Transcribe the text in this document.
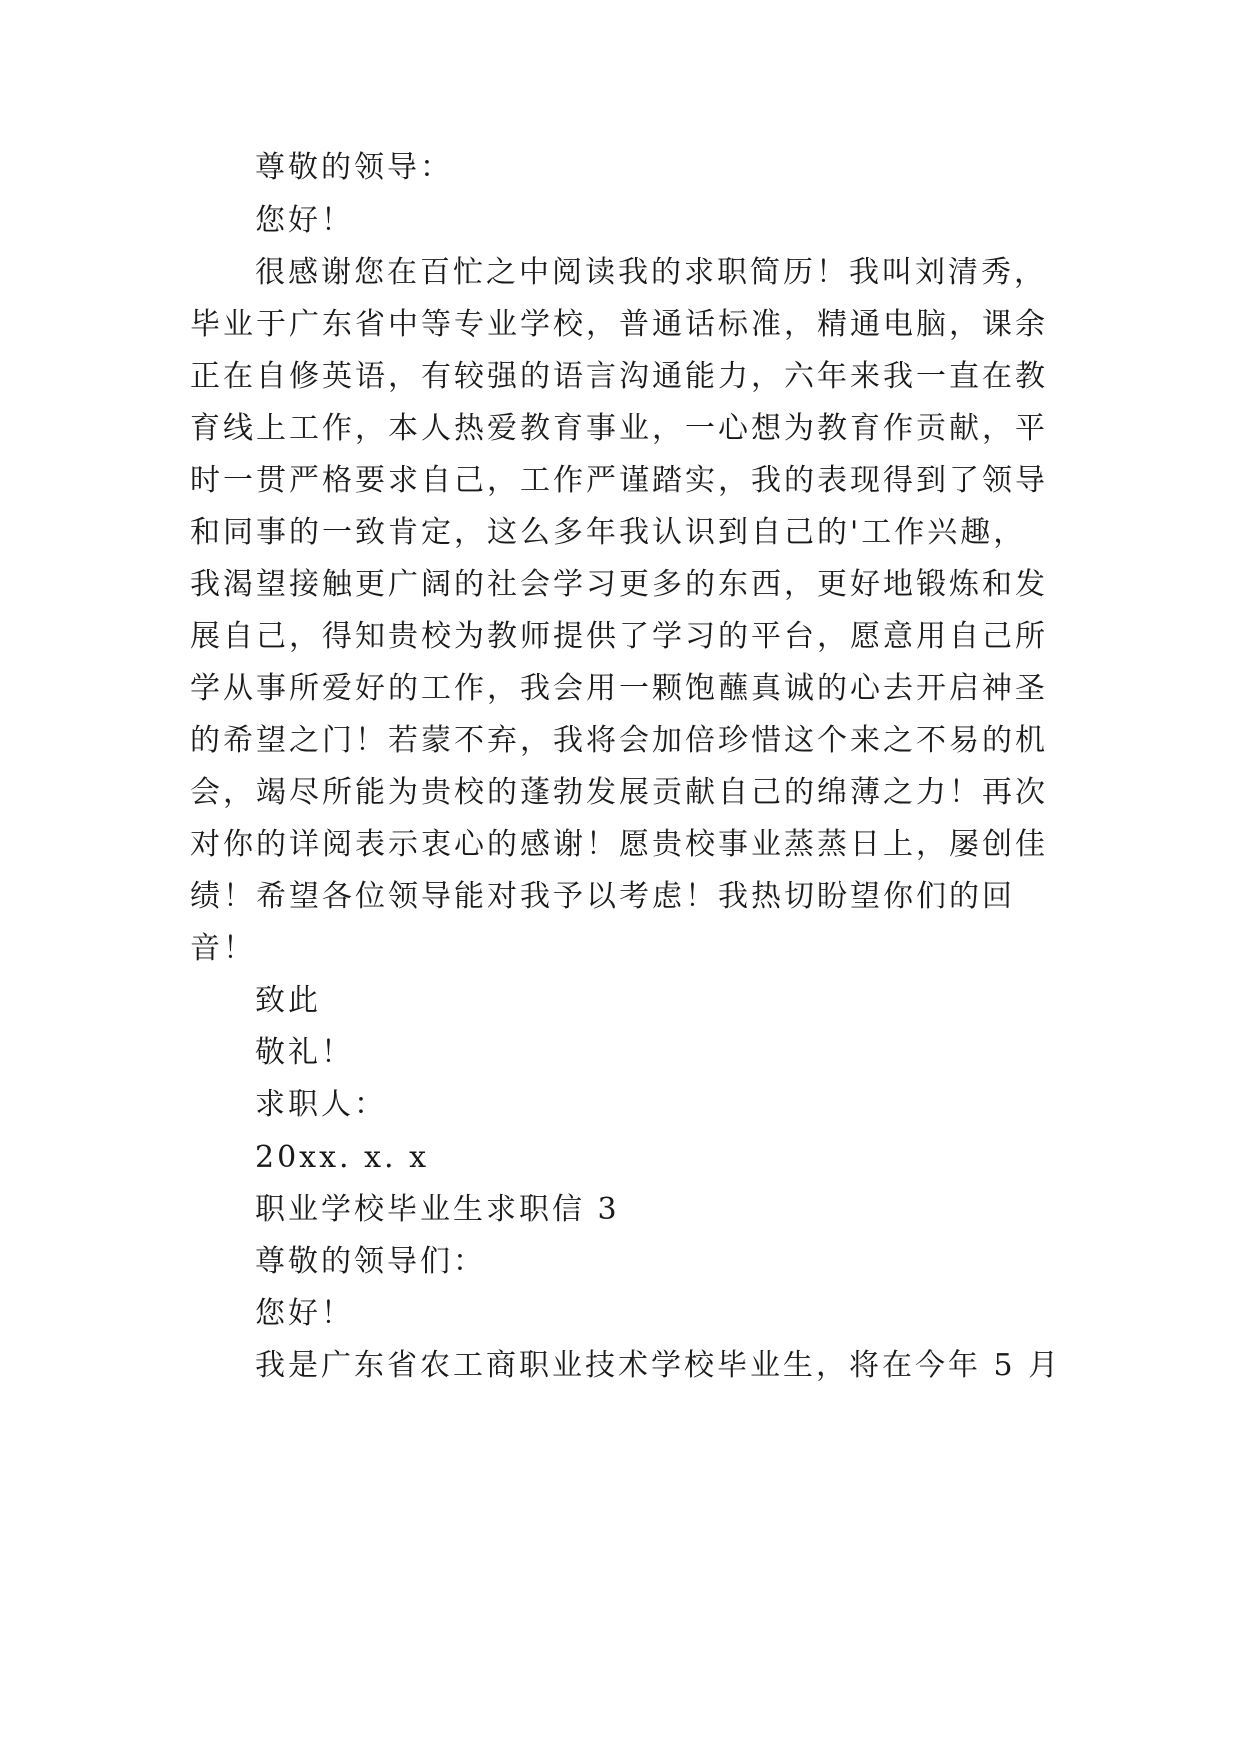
尊敬的领导：
您好！
很感谢您在百忙之中阅读我的求职简历！我叫刘清秀，
毕业于广东省中等专业学校，普通话标准，精通电脑，课余
正在自修英语，有较强的语言沟通能力，六年来我一直在教
育线上工作，本人热爱教育事业，一心想为教育作贡献，平
时一贯严格要求自己，工作严谨踏实，我的表现得到了领导
和同事的一致肯定，这么多年我认识到自己的'工作兴趣，
我渴望接触更广阔的社会学习更多的东西，更好地锻炼和发
展自己，得知贵校为教师提供了学习的平台，愿意用自己所
学从事所爱好的工作，我会用一颗饱蘸真诚的心去开启神圣
的希望之门！若蒙不弃，我将会加倍珍惜这个来之不易的机
会，竭尽所能为贵校的蓬勃发展贡献自己的绵薄之力！再次
对你的详阅表示衷心的感谢！愿贵校事业蒸蒸日上，屡创佳
绩！希望各位领导能对我予以考虑！我热切盼望你们的回
音！
致此
敬礼！
求职人：
20xx. x. x
职业学校毕业生求职信 3
尊敬的领导们：
您好！
我是广东省农工商职业技术学校毕业生，将在今年 5 月
